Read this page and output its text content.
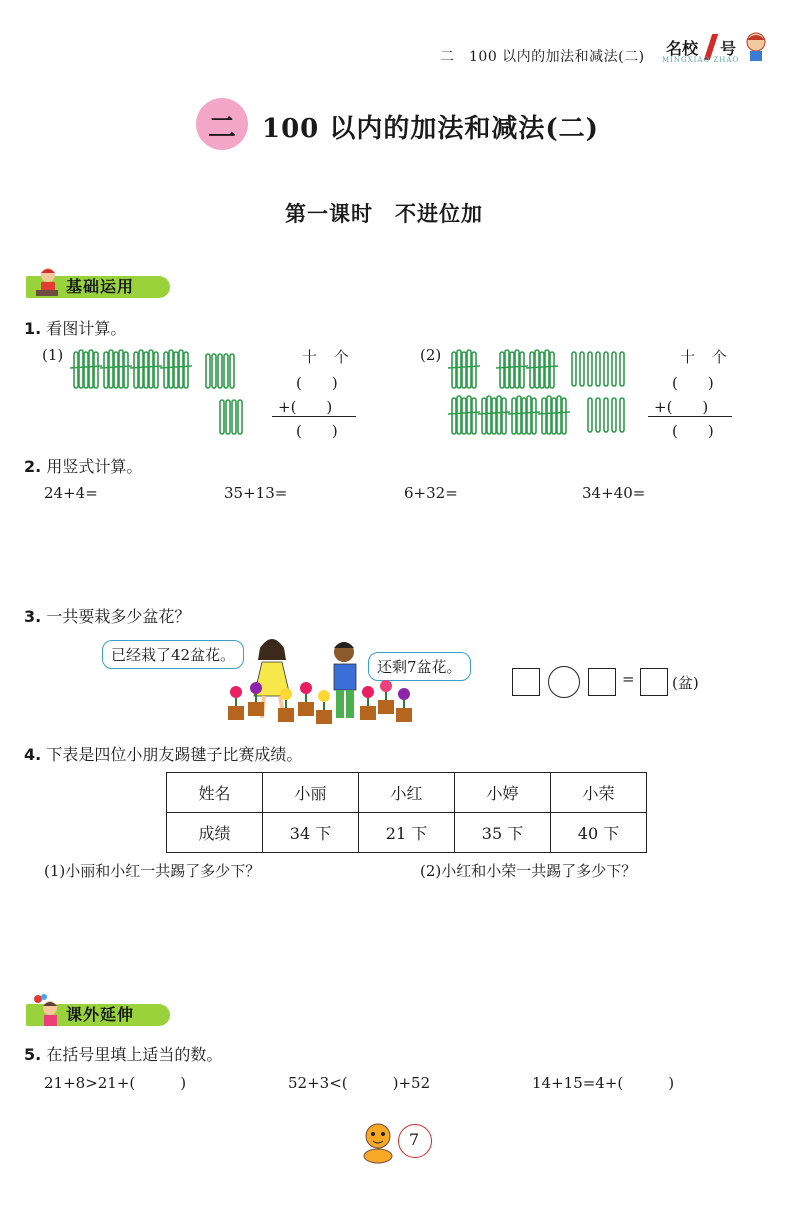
二　100 以内的加法和减法(二) 名校 号
MINGXIAO ZHAO
二 100 以内的加法和减法(二)
第一课时　不进位加
基础运用
1. 看图计算。
(1)	(2)
十 个
(　　)
+(　　)
(　　)
十 个
(　　)
+(　　)
(　　)
2. 用竖式计算。
24+4=	35+13=	6+32=	34+40=
3. 一共要栽多少盆花？
已经栽了42盆花。
还剩7盆花。
= (盆)
4. 下表是四位小朋友踢毽子比赛成绩。
姓名	小丽	小红	小婷	小荣
成绩	34 下	21 下	35 下	40 下
(1)小丽和小红一共踢了多少下？	(2)小红和小荣一共踢了多少下？
课外延伸
5. 在括号里填上适当的数。
21+8>21+(　　　)	52+3<(　　　)+52	14+15=4+(　　　)
7
